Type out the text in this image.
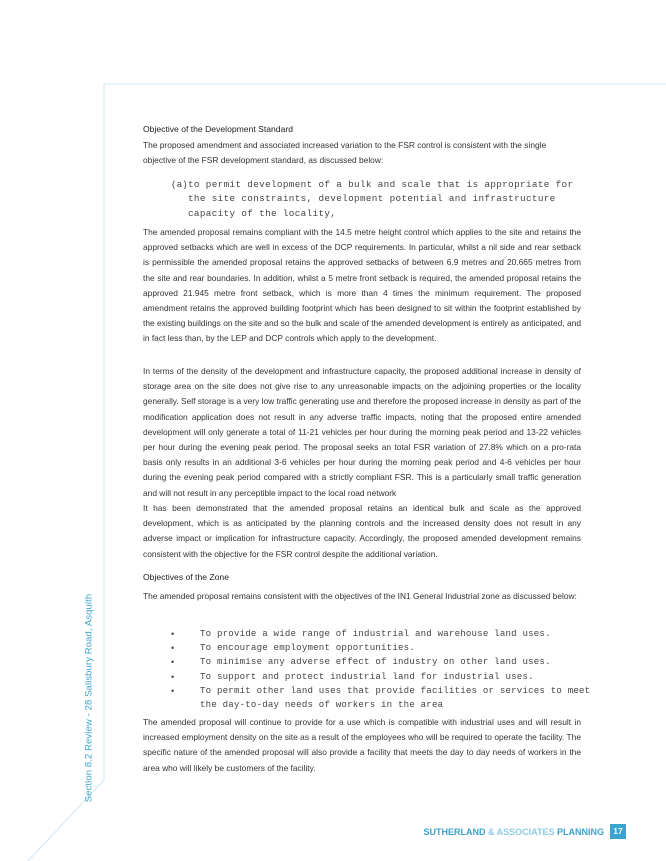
Section 8.2 Review - 28 Salisbury Road, Asquith
Objective of the Development Standard
The proposed amendment and associated increased variation to the FSR control is consistent with the single objective of the FSR development standard, as discussed below:
(a) to permit development of a bulk and scale that is appropriate for the site constraints, development potential and infrastructure capacity of the locality,
The amended proposal remains compliant with the 14.5 metre height control which applies to the site and retains the approved setbacks which are well in excess of the DCP requirements. In particular, whilst a nil side and rear setback is permissible the amended proposal retains the approved setbacks of between 6.9 metres and 20.665 metres from the site and rear boundaries. In addition, whilst a 5 metre front setback is required, the amended proposal retains the approved 21.945 metre front setback, which is more than 4 times the minimum requirement. The proposed amendment retains the approved building footprint which has been designed to sit within the footprint established by the existing buildings on the site and so the bulk and scale of the amended development is entirely as anticipated, and in fact less than, by the LEP and DCP controls which apply to the development.
In terms of the density of the development and infrastructure capacity, the proposed additional increase in density of storage area on the site does not give rise to any unreasonable impacts on the adjoining properties or the locality generally. Self storage is a very low traffic generating use and therefore the proposed increase in density as part of the modification application does not result in any adverse traffic impacts, noting that the proposed entire amended development will only generate a total of 11-21 vehicles per hour during the morning peak period and 13-22 vehicles per hour during the evening peak period. The proposal seeks an total FSR variation of 27.8% which on a pro-rata basis only results in an additional 3-6 vehicles per hour during the morning peak period and 4-6 vehicles per hour during the evening peak period compared with a strictly compliant FSR. This is a particularly small traffic generation and will not result in any perceptible impact to the local road network
It has been demonstrated that the amended proposal retains an identical bulk and scale as the approved development, which is as anticipated by the planning controls and the increased density does not result in any adverse impact or implication for infrastructure capacity. Accordingly, the proposed amended development remains consistent with the objective for the FSR control despite the additional variation.
Objectives of the Zone
The amended proposal remains consistent with the objectives of the IN1 General Industrial zone as discussed below:
•	To provide a wide range of industrial and warehouse land uses.
•	To encourage employment opportunities.
•	To minimise any adverse effect of industry on other land uses.
•	To support and protect industrial land for industrial uses.
•	To permit other land uses that provide facilities or services to meet the day-to-day needs of workers in the area
The amended proposal will continue to provide for a use which is compatible with industrial uses and will result in increased employment density on the site as a result of the employees who will be required to operate the facility. The specific nature of the amended proposal will also provide a facility that meets the day to day needs of workers in the area who will likely be customers of the facility.
SUTHERLAND & ASSOCIATES PLANNING	17
